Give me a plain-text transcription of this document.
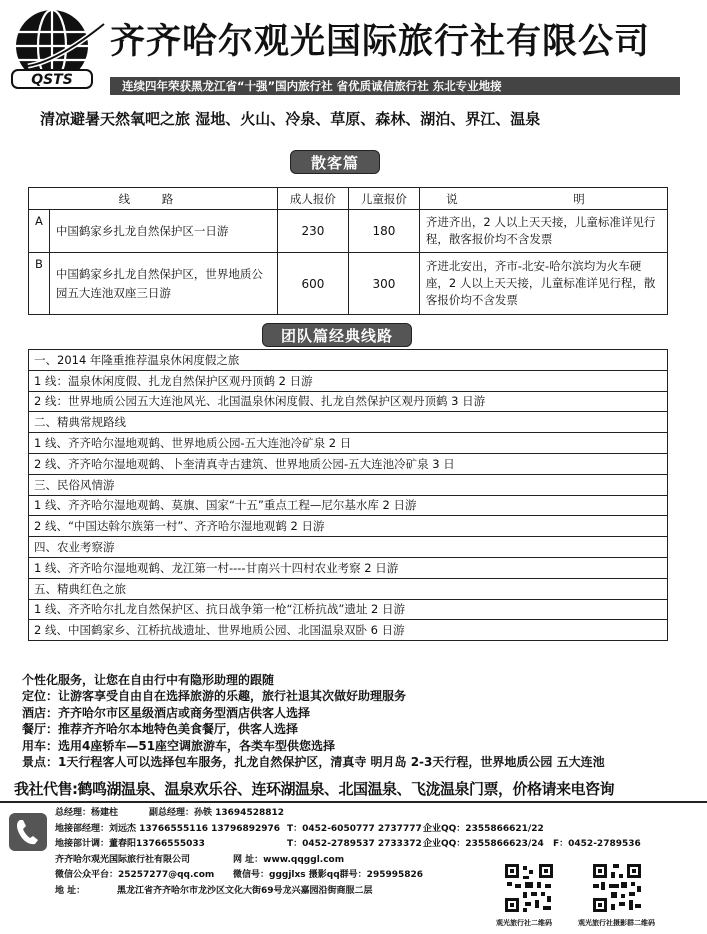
QSTS
齐齐哈尔观光国际旅行社有限公司
连续四年荣获黑龙江省“十强”国内旅行社 省优质诚信旅行社 东北专业地接
清凉避暑天然氧吧之旅 湿地、火山、冷泉、草原、森林、湖泊、界江、温泉
散客篇
线 路		成人报价	儿童报价	说 明
A	中国鹤家乡扎龙自然保护区一日游	230	180	齐进齐出，2 人以上天天接，儿童标准详见行程，散客报价均不含发票
B	中国鹤家乡扎龙自然保护区，世界地质公园五大连池双座三日游	600	300	齐进北安出，齐市-北安-哈尔滨均为火车硬座，2 人以上天天接，儿童标准详见行程，散客报价均不含发票
团队篇经典线路
一、2014 年隆重推荐温泉休闲度假之旅
1 线：温泉休闲度假、扎龙自然保护区观丹顶鹤 2 日游
2 线：世界地质公园五大连池风光、北国温泉休闲度假、扎龙自然保护区观丹顶鹤 3 日游
二、精典常规路线
1 线、齐齐哈尔湿地观鹤、世界地质公园-五大连池冷矿泉 2 日
2 线、齐齐哈尔湿地观鹤、卜奎清真寺古建筑、世界地质公园-五大连池冷矿泉 3 日
三、民俗风情游
1 线、齐齐哈尔湿地观鹤、莫旗、国家“十五”重点工程—尼尔基水库 2 日游
2 线、“中国达斡尔族第一村”、齐齐哈尔湿地观鹤 2 日游
四、农业考察游
1 线、齐齐哈尔湿地观鹤、龙江第一村----甘南兴十四村农业考察 2 日游
五、精典红色之旅
1 线、齐齐哈尔扎龙自然保护区、抗日战争第一枪“江桥抗战”遗址 2 日游
2 线、中国鹤家乡、江桥抗战遗址、世界地质公园、北国温泉双卧 6 日游
个性化服务，让您在自由行中有隐形助理的跟随
定位：让游客享受自由自在选择旅游的乐趣，旅行社退其次做好助理服务
酒店：齐齐哈尔市区星级酒店或商务型酒店供客人选择
餐厅：推荐齐齐哈尔本地特色美食餐厅，供客人选择
用车：选用4座轿车—51座空调旅游车，各类车型供您选择
景点：1天行程客人可以选择包车服务，扎龙自然保护区，清真寺 明月岛 2-3天行程，世界地质公园 五大连池
我社代售:鹤鸣湖温泉、温泉欢乐谷、连环湖温泉、北国温泉、飞泷温泉门票，价格请来电咨询
总经理：杨建柱	副总经理：孙铁 13694528812
地接部经理：刘远杰 13766555116 13796892976 T：0452-6050777 2737777 企业QQ：2355866621/22
地接部计调：董春阳13766555033	T：0452-2789537 2733372 企业QQ：2355866623/24 F：0452-2789536
齐齐哈尔观光国际旅行社有限公司	网 址：www.qqggl.com
微信公众平台：25257277@qq.com 微信号：gggjlxs 摄影qq群号：295995826
地 址：	黑龙江省齐齐哈尔市龙沙区文化大街69号龙兴嘉园沿街商服二层
观光旅行社二维码	观光旅行社摄影群二维码
